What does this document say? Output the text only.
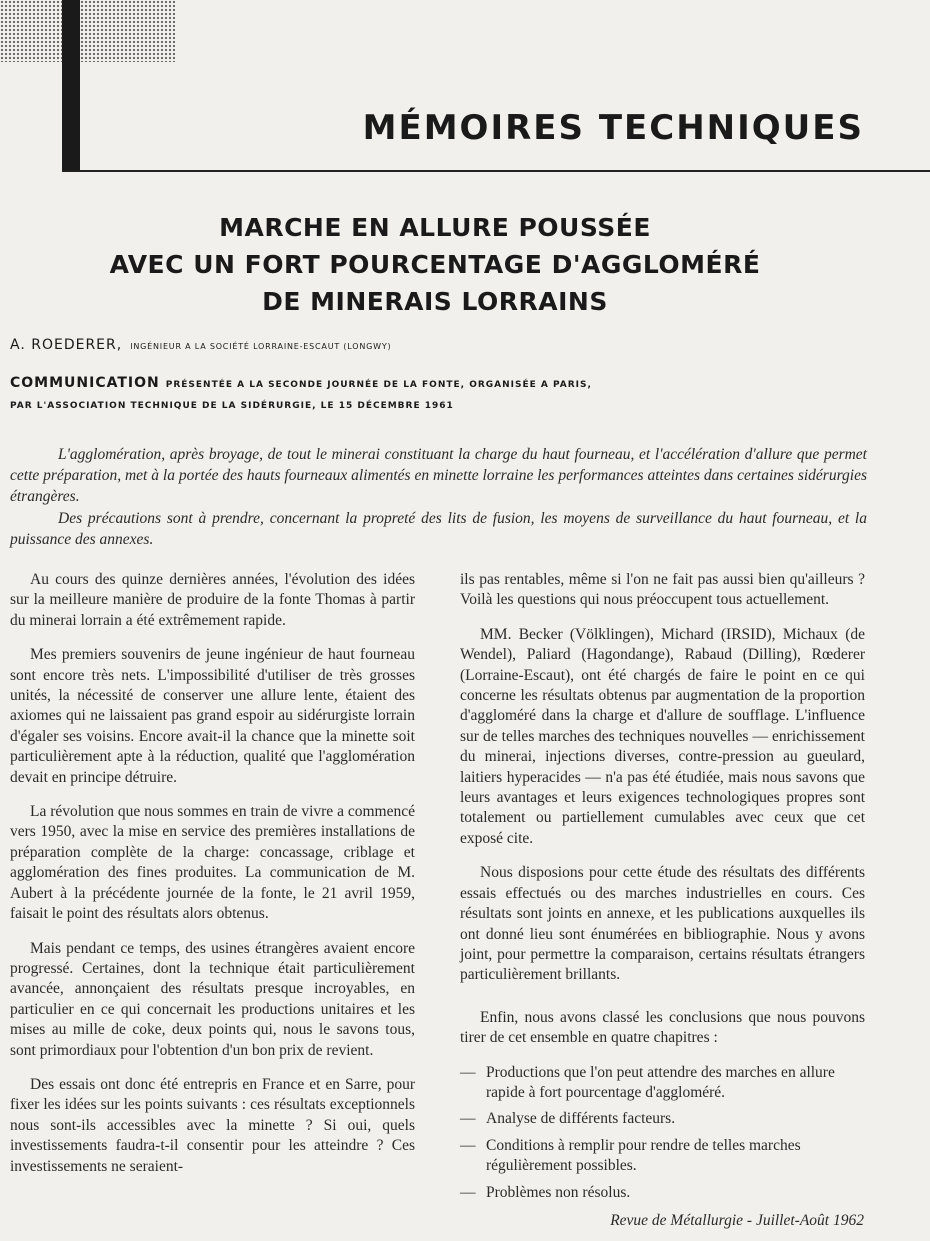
MÉMOIRES TECHNIQUES
MARCHE EN ALLURE POUSSÉE
AVEC UN FORT POURCENTAGE D'AGGLOMÉRÉ
DE MINERAIS LORRAINS
A. ROEDERER, INGÉNIEUR A LA SOCIÉTÉ LORRAINE-ESCAUT (LONGWY)
COMMUNICATION PRÉSENTÉE A LA SECONDE JOURNÉE DE LA FONTE, ORGANISÉE A PARIS,
PAR L'ASSOCIATION TECHNIQUE DE LA SIDÉRURGIE, LE 15 DÉCEMBRE 1961

L'agglomération, après broyage, de tout le minerai constituant la charge du haut fourneau, et l'accélération d'allure que permet cette préparation, met à la portée des hauts fourneaux alimentés en minette lorraine les performances atteintes dans certaines sidérurgies étrangères.

Des précautions sont à prendre, concernant la propreté des lits de fusion, les moyens de surveillance du haut fourneau, et la puissance des annexes.

Au cours des quinze dernières années, l'évolution des idées sur la meilleure manière de produire de la fonte Thomas à partir du minerai lorrain a été extrêmement rapide.

Mes premiers souvenirs de jeune ingénieur de haut fourneau sont encore très nets. L'impossibilité d'utiliser de très grosses unités, la nécessité de conserver une allure lente, étaient des axiomes qui ne laissaient pas grand espoir au sidérurgiste lorrain d'égaler ses voisins. Encore avait-il la chance que la minette soit particulièrement apte à la réduction, qualité que l'agglomération devait en principe détruire.

La révolution que nous sommes en train de vivre a commencé vers 1950, avec la mise en service des premières installations de préparation complète de la charge: concassage, criblage et agglomération des fines produites. La communication de M. Aubert à la précédente journée de la fonte, le 21 avril 1959, faisait le point des résultats alors obtenus.

Mais pendant ce temps, des usines étrangères avaient encore progressé. Certaines, dont la technique était particulièrement avancée, annonçaient des résultats presque incroyables, en particulier en ce qui concernait les productions unitaires et les mises au mille de coke, deux points qui, nous le savons tous, sont primordiaux pour l'obtention d'un bon prix de revient.

Des essais ont donc été entrepris en France et en Sarre, pour fixer les idées sur les points suivants : ces résultats exceptionnels nous sont-ils accessibles avec la minette ? Si oui, quels investissements faudra-t-il consentir pour les atteindre ? Ces investissements ne seraient-

ils pas rentables, même si l'on ne fait pas aussi bien qu'ailleurs ? Voilà les questions qui nous préoccupent tous actuellement.

MM. Becker (Völklingen), Michard (IRSID), Michaux (de Wendel), Paliard (Hagondange), Rabaud (Dilling), Rœderer (Lorraine-Escaut), ont été chargés de faire le point en ce qui concerne les résultats obtenus par augmentation de la proportion d'aggloméré dans la charge et d'allure de soufflage. L'influence sur de telles marches des techniques nouvelles — enrichissement du minerai, injections diverses, contre-pression au gueulard, laitiers hyperacides — n'a pas été étudiée, mais nous savons que leurs avantages et leurs exigences technologiques propres sont totalement ou partiellement cumulables avec ceux que cet exposé cite.

Nous disposions pour cette étude des résultats des différents essais effectués ou des marches industrielles en cours. Ces résultats sont joints en annexe, et les publications auxquelles ils ont donné lieu sont énumérées en bibliographie. Nous y avons joint, pour permettre la comparaison, certains résultats étrangers particulièrement brillants.

Enfin, nous avons classé les conclusions que nous pouvons tirer de cet ensemble en quatre chapitres :

— Productions que l'on peut attendre des marches en allure rapide à fort pourcentage d'aggloméré.
— Analyse de différents facteurs.
— Conditions à remplir pour rendre de telles marches régulièrement possibles.
— Problèmes non résolus.
Revue de Métallurgie - Juillet-Août 1962
